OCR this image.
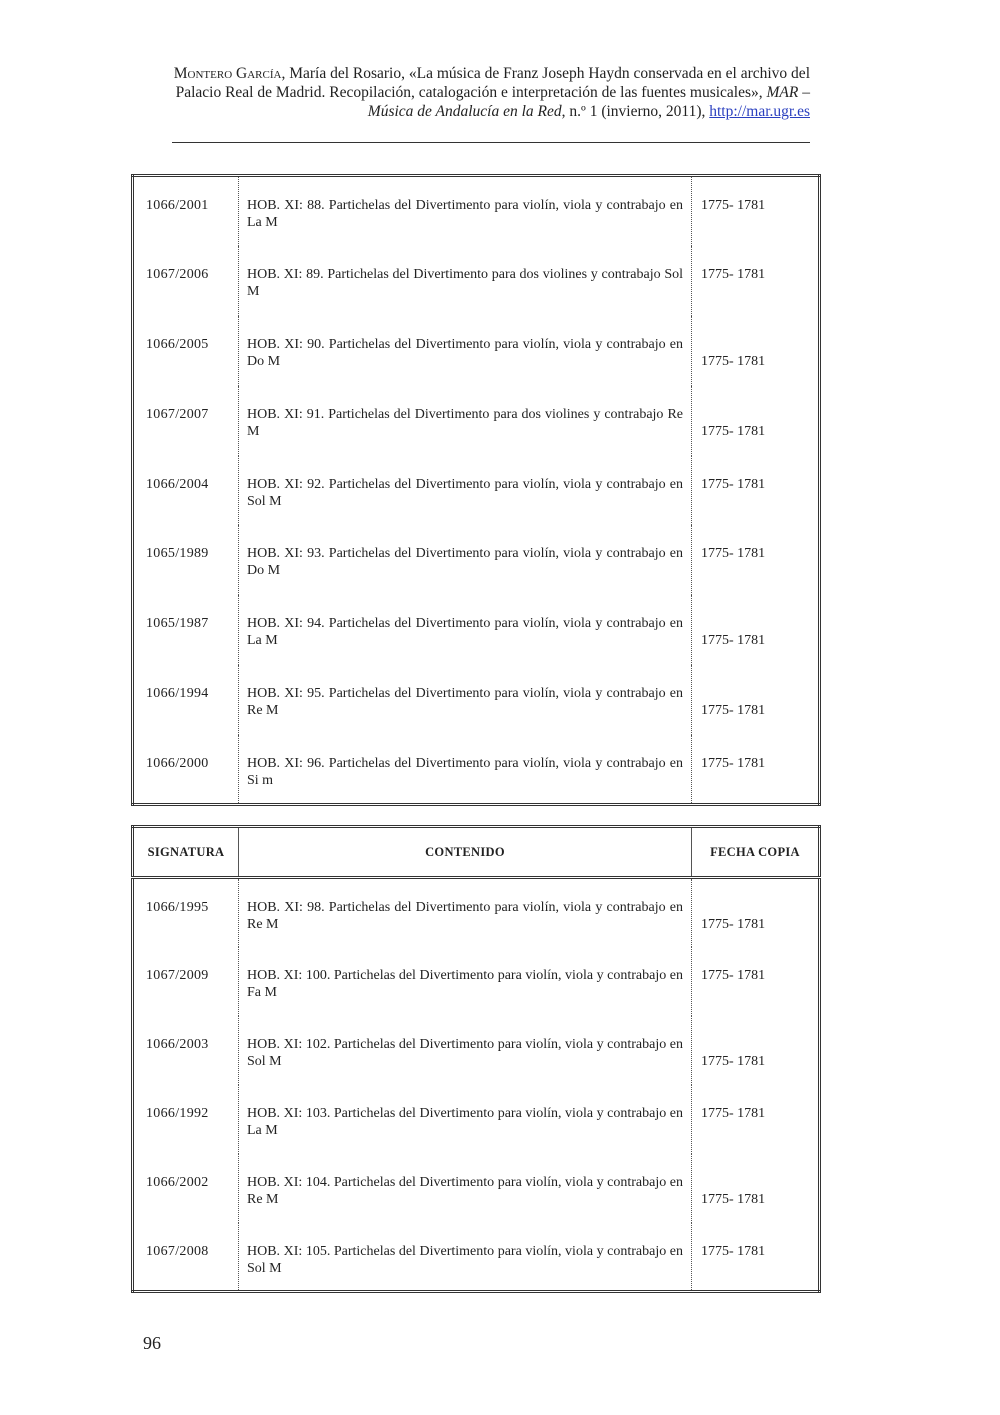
Montero García, María del Rosario, «La música de Franz Joseph Haydn conservada en el archivo del Palacio Real de Madrid. Recopilación, catalogación e interpretación de las fuentes musicales», MAR – Música de Andalucía en la Red, n.º 1 (invierno, 2011), http://mar.ugr.es
1066/2001	HOB. XI: 88. Partichelas del Divertimento para violín, viola y contrabajo en La M	1775- 1781
1067/2006	HOB. XI: 89. Partichelas del Divertimento para dos violines y contrabajo Sol M	1775- 1781
1066/2005	HOB. XI: 90. Partichelas del Divertimento para violín, viola y contrabajo en Do M	1775- 1781
1067/2007	HOB. XI: 91. Partichelas del Divertimento para dos violines y contrabajo Re M	1775- 1781
1066/2004	HOB. XI: 92. Partichelas del Divertimento para violín, viola y contrabajo en Sol M	1775- 1781
1065/1989	HOB. XI: 93. Partichelas del Divertimento para violín, viola y contrabajo en Do M	1775- 1781
1065/1987	HOB. XI: 94. Partichelas del Divertimento para violín, viola y contrabajo en La M	1775- 1781
1066/1994	HOB. XI: 95. Partichelas del Divertimento para violín, viola y contrabajo en Re M	1775- 1781
1066/2000	HOB. XI: 96. Partichelas del Divertimento para violín, viola y contrabajo en Si m	1775- 1781
SIGNATURA	CONTENIDO	FECHA COPIA
1066/1995	HOB. XI: 98. Partichelas del Divertimento para violín, viola y contrabajo en Re M	1775- 1781
1067/2009	HOB. XI: 100. Partichelas del Divertimento para violín, viola y contrabajo en Fa M	1775- 1781
1066/2003	HOB. XI: 102. Partichelas del Divertimento para violín, viola y contrabajo en Sol M	1775- 1781
1066/1992	HOB. XI: 103. Partichelas del Divertimento para violín, viola y contrabajo en La M	1775- 1781
1066/2002	HOB. XI: 104. Partichelas del Divertimento para violín, viola y contrabajo en Re M	1775- 1781
1067/2008	HOB. XI: 105. Partichelas del Divertimento para violín, viola y contrabajo en Sol M	1775- 1781
96
